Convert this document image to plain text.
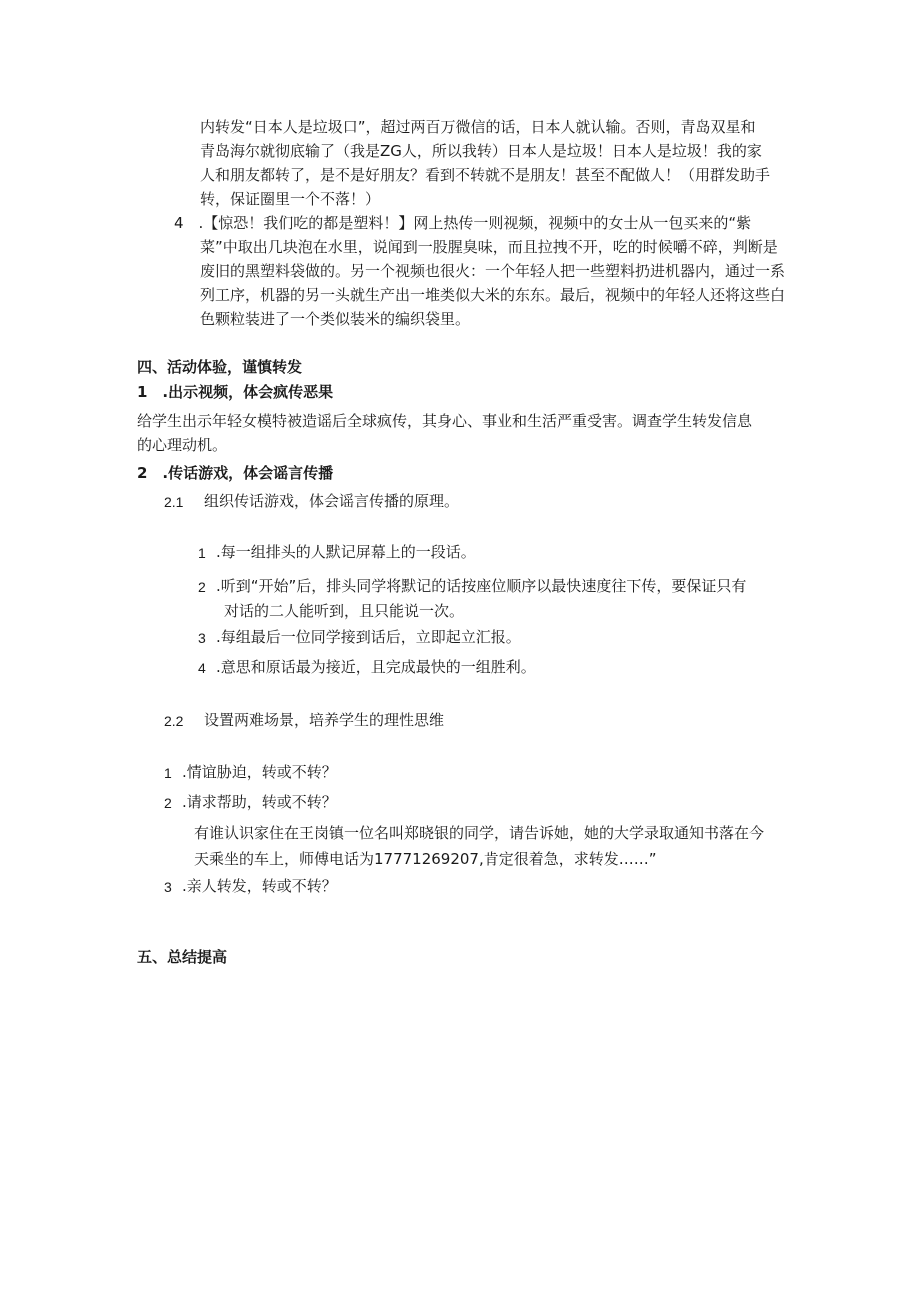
内转发“日本人是垃圾口”，超过两百万微信的话，日本人就认输。否则，青岛双星和
青岛海尔就彻底输了（我是ZG人，所以我转）日本人是垃圾！日本人是垃圾！我的家
人和朋友都转了，是不是好朋友？看到不转就不是朋友！甚至不配做人！（用群发助手
转，保证圈里一个不落！）
4　.【惊恐！我们吃的都是塑料！】网上热传一则视频，视频中的女士从一包买来的“紫
菜”中取出几块泡在水里，说闻到一股腥臭味，而且拉拽不开，吃的时候嚼不碎，判断是
废旧的黑塑料袋做的。另一个视频也很火：一个年轻人把一些塑料扔进机器内，通过一系
列工序，机器的另一头就生产出一堆类似大米的东东。最后，视频中的年轻人还将这些白
色颗粒装进了一个类似装米的编织袋里。
四、活动体验，谨慎转发
1　.出示视频，体会疯传恶果
给学生出示年轻女模特被造谣后全球疯传，其身心、事业和生活严重受害。调查学生转发信息
的心理动机。
2　.传话游戏，体会谣言传播
2.1 组织传话游戏，体会谣言传播的原理。
1 .每一组排头的人默记屏幕上的一段话。
2 .听到“开始”后，排头同学将默记的话按座位顺序以最快速度往下传，要保证只有
对话的二人能听到，且只能说一次。
3 .每组最后一位同学接到话后，立即起立汇报。
4 .意思和原话最为接近，且完成最快的一组胜利。
2.2 设置两难场景，培养学生的理性思维
1 .情谊胁迫，转或不转？
2 .请求帮助，转或不转？
有谁认识家住在王岗镇一位名叫郑晓银的同学，请告诉她，她的大学录取通知书落在今
天乘坐的车上，师傅电话为17771269207,肯定很着急，求转发……”
3 .亲人转发，转或不转？
五、总结提高
